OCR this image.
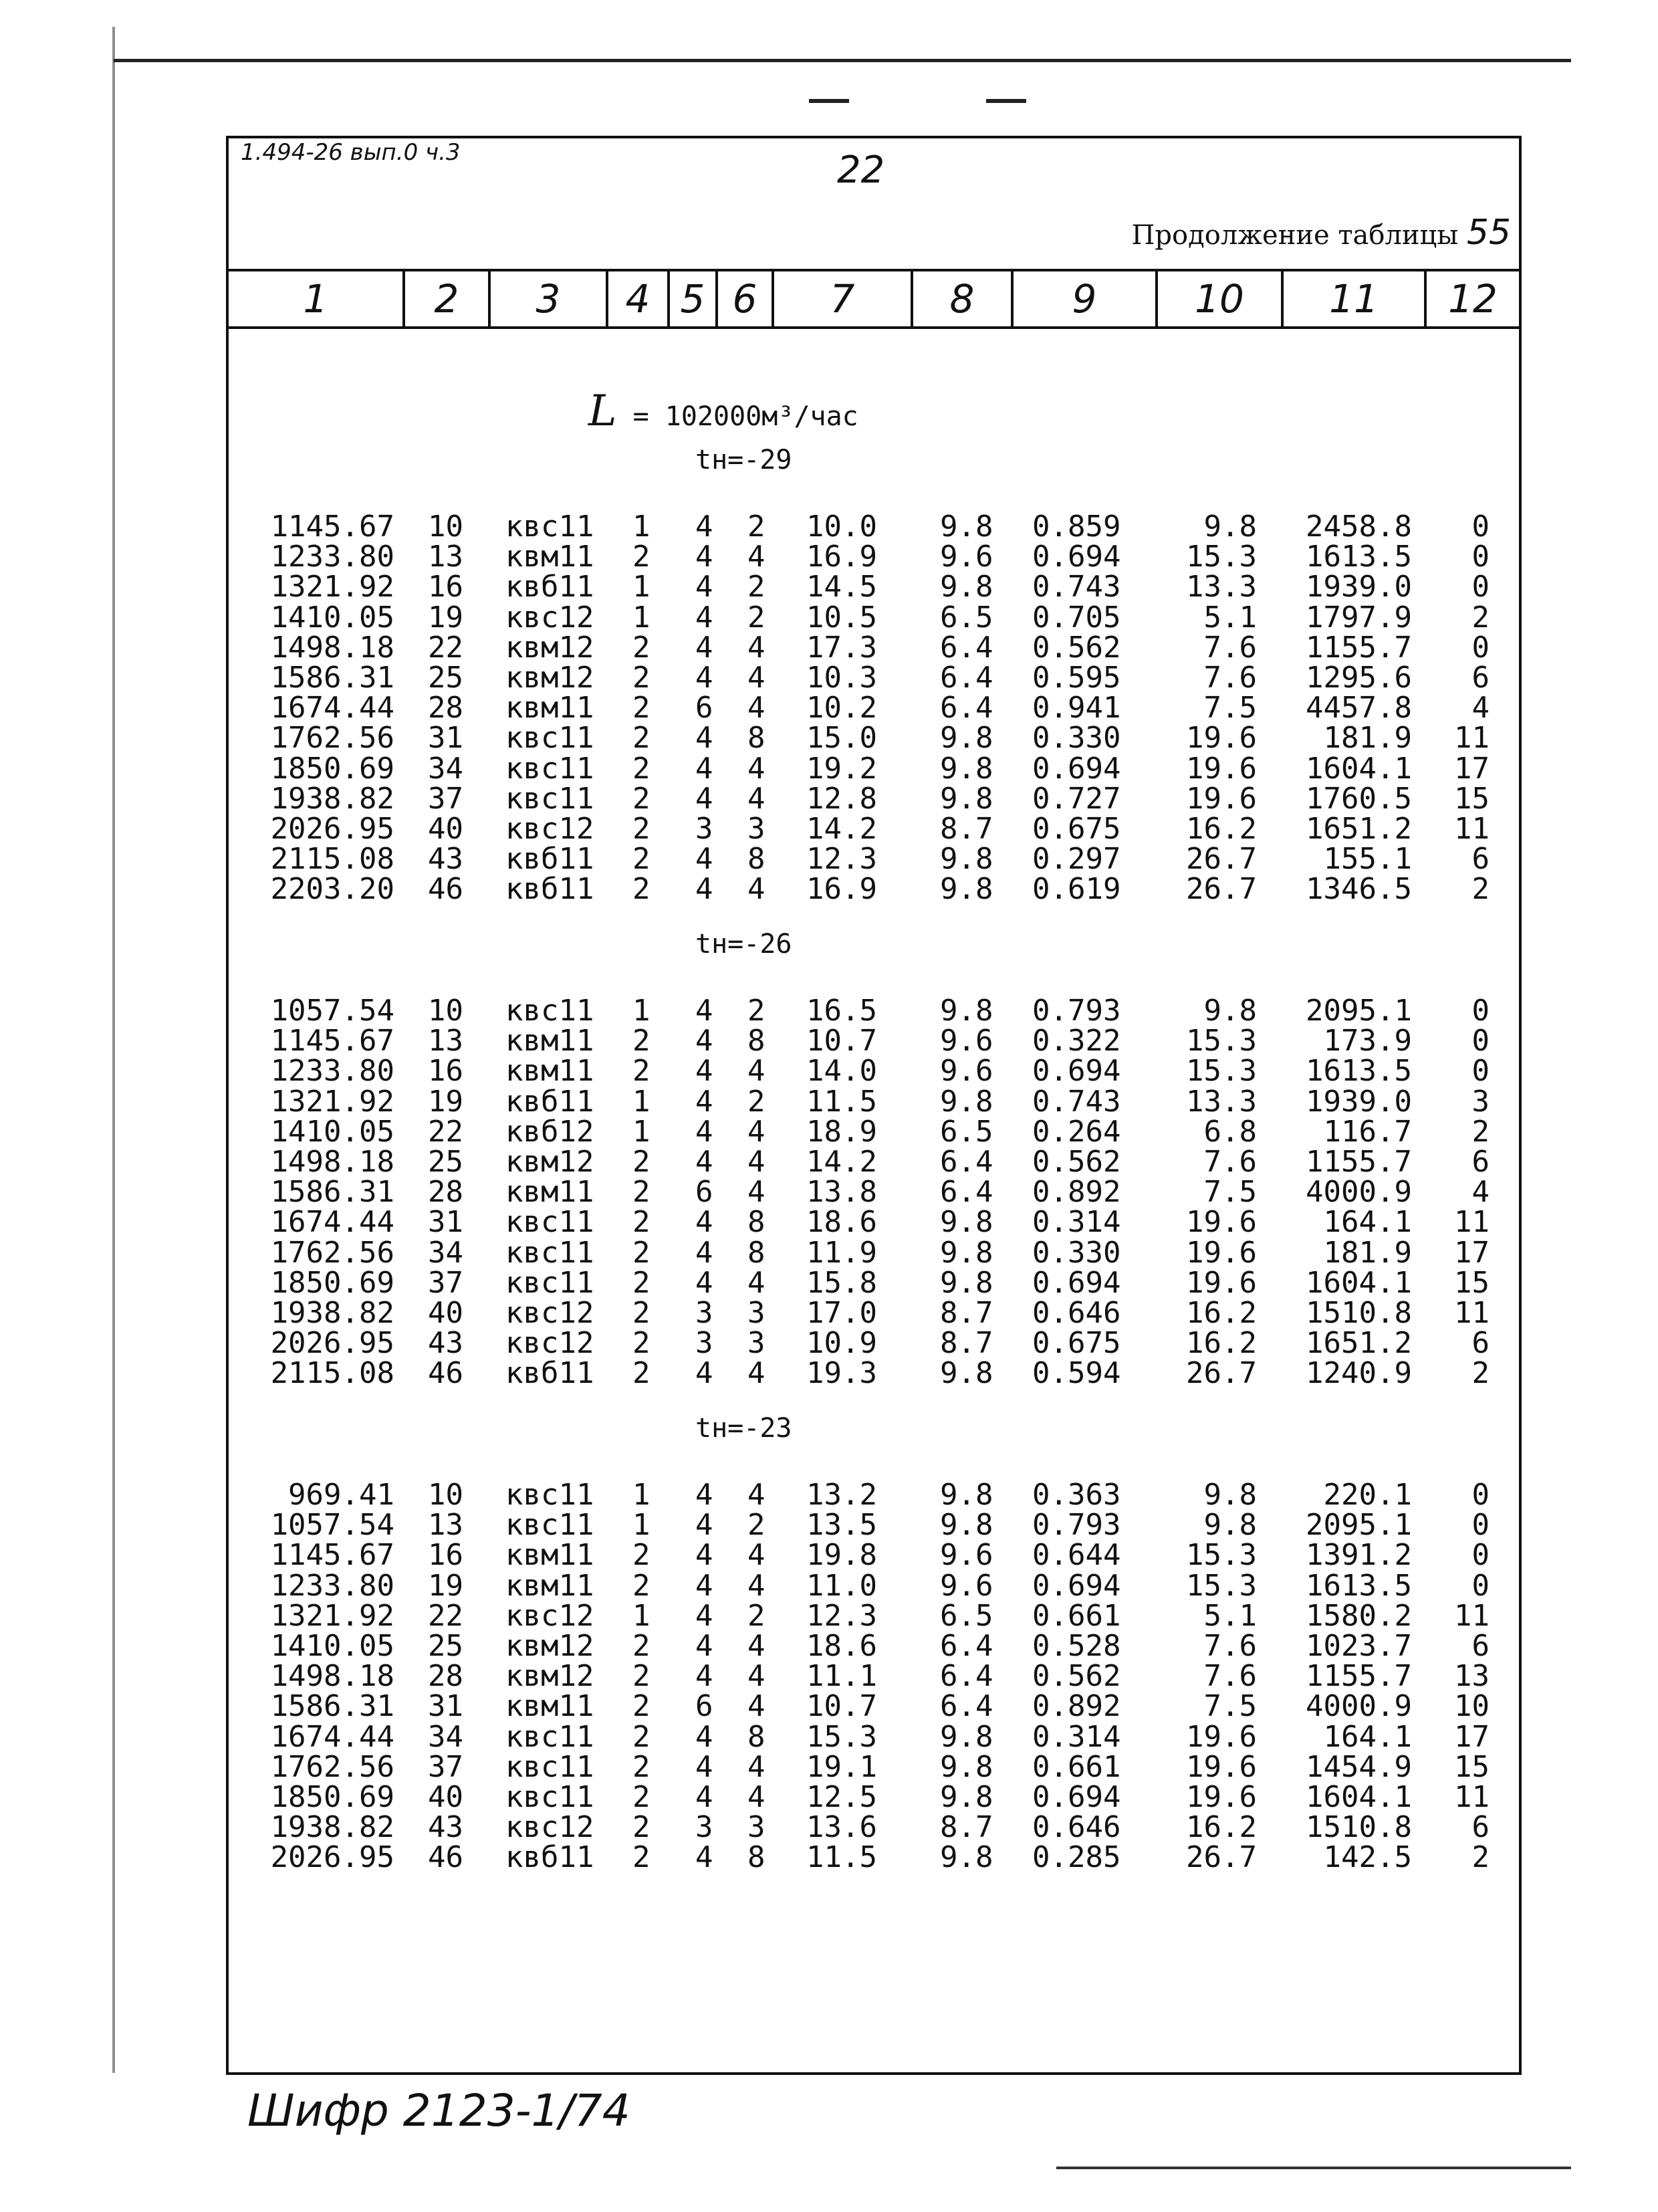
1.494-26 вып.0 ч.3	22
Продолжение таблицы 55
1	2	3	4 5 6	7	8	9	10	11	12
L = 102000м³/час
tн=-29
1145.67 10 квс11 1 4 2 10.0 9.8 0.859	9.8 2458.8 0
1233.80 13 квм11 2 4 4 16.9 9.6 0.694 15.3 1613.5 0
1321.92 16 квб11 1 4 2 14.5 9.8 0.743 13.3 1939.0 0
1410.05 19 квс12 1 4 2 10.5 6.5 0.705	5.1 1797.9 2
1498.18 22 квм12 2 4 4 17.3 6.4 0.562	7.6 1155.7 0
1586.31 25 квм12 2 4 4 10.3 6.4 0.595	7.6 1295.6 6
1674.44 28 квм11 2 6 4 10.2 6.4 0.941	7.5 4457.8 4
1762.56 31 квс11 2 4 8 15.0 9.8 0.330 19.6 181.9 11
1850.69 34 квс11 2 4 4 19.2 9.8 0.694 19.6 1604.1 17
1938.82 37 квс11 2 4 4 12.8 9.8 0.727 19.6 1760.5 15
2026.95 40 квс12 2 3 3 14.2 8.7 0.675 16.2 1651.2 11
2115.08 43 квб11 2 4 8 12.3 9.8 0.297 26.7 155.1 6
2203.20 46 квб11 2 4 4 16.9 9.8 0.619 26.7 1346.5 2
tн=-26
1057.54 10 квс11 1 4 2 16.5 9.8 0.793	9.8 2095.1 0
1145.67 13 квм11 2 4 8 10.7 9.6 0.322 15.3 173.9 0
1233.80 16 квм11 2 4 4 14.0 9.6 0.694 15.3 1613.5 0
1321.92 19 квб11 1 4 2 11.5 9.8 0.743 13.3 1939.0 3
1410.05 22 квб12 1 4 4 18.9 6.5 0.264	6.8 116.7 2
1498.18 25 квм12 2 4 4 14.2 6.4 0.562	7.6 1155.7 6
1586.31 28 квм11 2 6 4 13.8 6.4 0.892	7.5 4000.9 4
1674.44 31 квс11 2 4 8 18.6 9.8 0.314 19.6 164.1 11
1762.56 34 квс11 2 4 8 11.9 9.8 0.330 19.6 181.9 17
1850.69 37 квс11 2 4 4 15.8 9.8 0.694 19.6 1604.1 15
1938.82 40 квс12 2 3 3 17.0 8.7 0.646 16.2 1510.8 11
2026.95 43 квс12 2 3 3 10.9 8.7 0.675 16.2 1651.2 6
2115.08 46 квб11 2 4 4 19.3 9.8 0.594 26.7 1240.9 2
tн=-23
969.41 10 квс11 1 4 4 13.2 9.8 0.363	9.8 220.1 0
1057.54 13 квс11 1 4 2 13.5 9.8 0.793	9.8 2095.1 0
1145.67 16 квм11 2 4 4 19.8 9.6 0.644 15.3 1391.2 0
1233.80 19 квм11 2 4 4 11.0 9.6 0.694 15.3 1613.5 0
1321.92 22 квс12 1 4 2 12.3 6.5 0.661	5.1 1580.2 11
1410.05 25 квм12 2 4 4 18.6 6.4 0.528	7.6 1023.7 6
1498.18 28 квм12 2 4 4 11.1 6.4 0.562	7.6 1155.7 13
1586.31 31 квм11 2 6 4 10.7 6.4 0.892	7.5 4000.9 10
1674.44 34 квс11 2 4 8 15.3 9.8 0.314 19.6 164.1 17
1762.56 37 квс11 2 4 4 19.1 9.8 0.661 19.6 1454.9 15
1850.69 40 квс11 2 4 4 12.5 9.8 0.694 19.6 1604.1 11
1938.82 43 квс12 2 3 3 13.6 8.7 0.646 16.2 1510.8 6
2026.95 46 квб11 2 4 8 11.5 9.8 0.285 26.7 142.5 2
Шифр 2123-1/74
